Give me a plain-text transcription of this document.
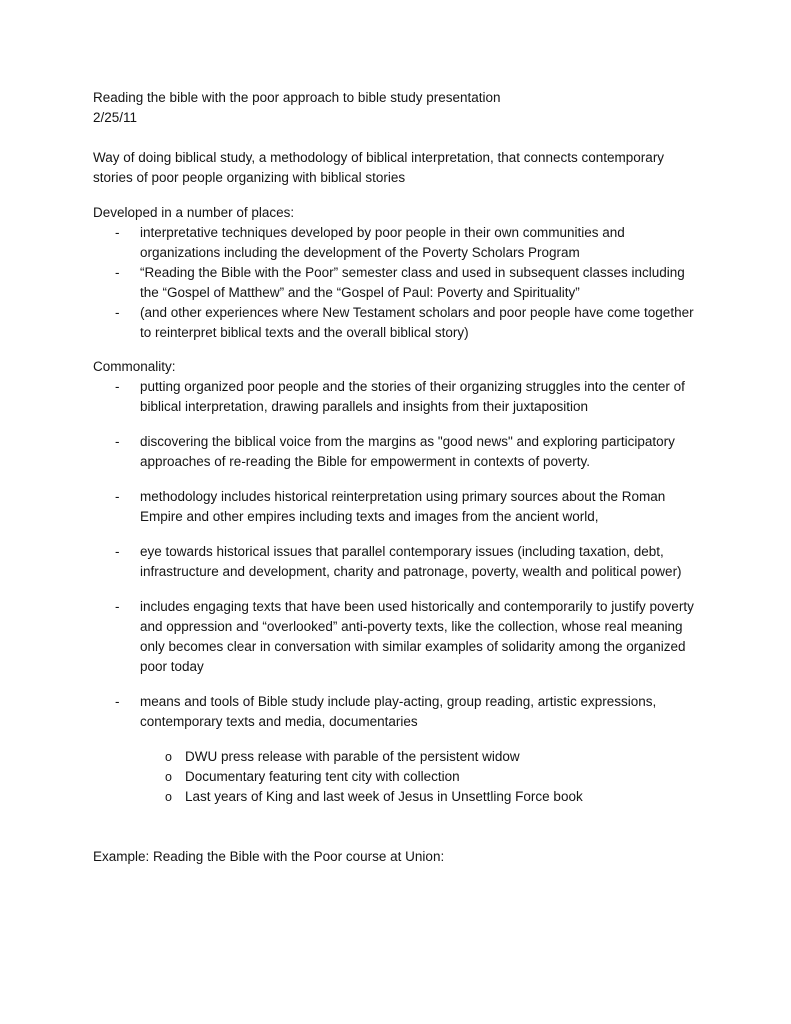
Reading the bible with the poor approach to bible study presentation

2/25/11

Way of doing biblical study, a methodology of biblical interpretation, that connects contemporary stories of poor people organizing with biblical stories

Developed in a number of places:

-	interpretative techniques developed by poor people in their own communities and organizations including the development of the Poverty Scholars Program
-	“Reading the Bible with the Poor” semester class and used in subsequent classes including the “Gospel of Matthew” and the “Gospel of Paul: Poverty and Spirituality”
-	(and other experiences where New Testament scholars and poor people have come together to reinterpret biblical texts and the overall biblical story)

Commonality:

-	putting organized poor people and the stories of their organizing struggles into the center of biblical interpretation, drawing parallels and insights from their juxtaposition
-	discovering the biblical voice from the margins as "good news" and exploring participatory approaches of re-reading the Bible for empowerment in contexts of poverty.
-	methodology includes historical reinterpretation using primary sources about the Roman Empire and other empires including texts and images from the ancient world,
-	eye towards historical issues that parallel contemporary issues (including taxation, debt, infrastructure and development, charity and patronage, poverty, wealth and political power)
-	includes engaging texts that have been used historically and contemporarily to justify poverty and oppression and “overlooked” anti-poverty texts, like the collection, whose real meaning only becomes clear in conversation with similar examples of solidarity among the organized poor today
-	means and tools of Bible study include play-acting, group reading, artistic expressions, contemporary texts and media, documentaries
o DWU press release with parable of the persistent widow
o Documentary featuring tent city with collection
o Last years of King and last week of Jesus in Unsettling Force book

Example: Reading the Bible with the Poor course at Union:
